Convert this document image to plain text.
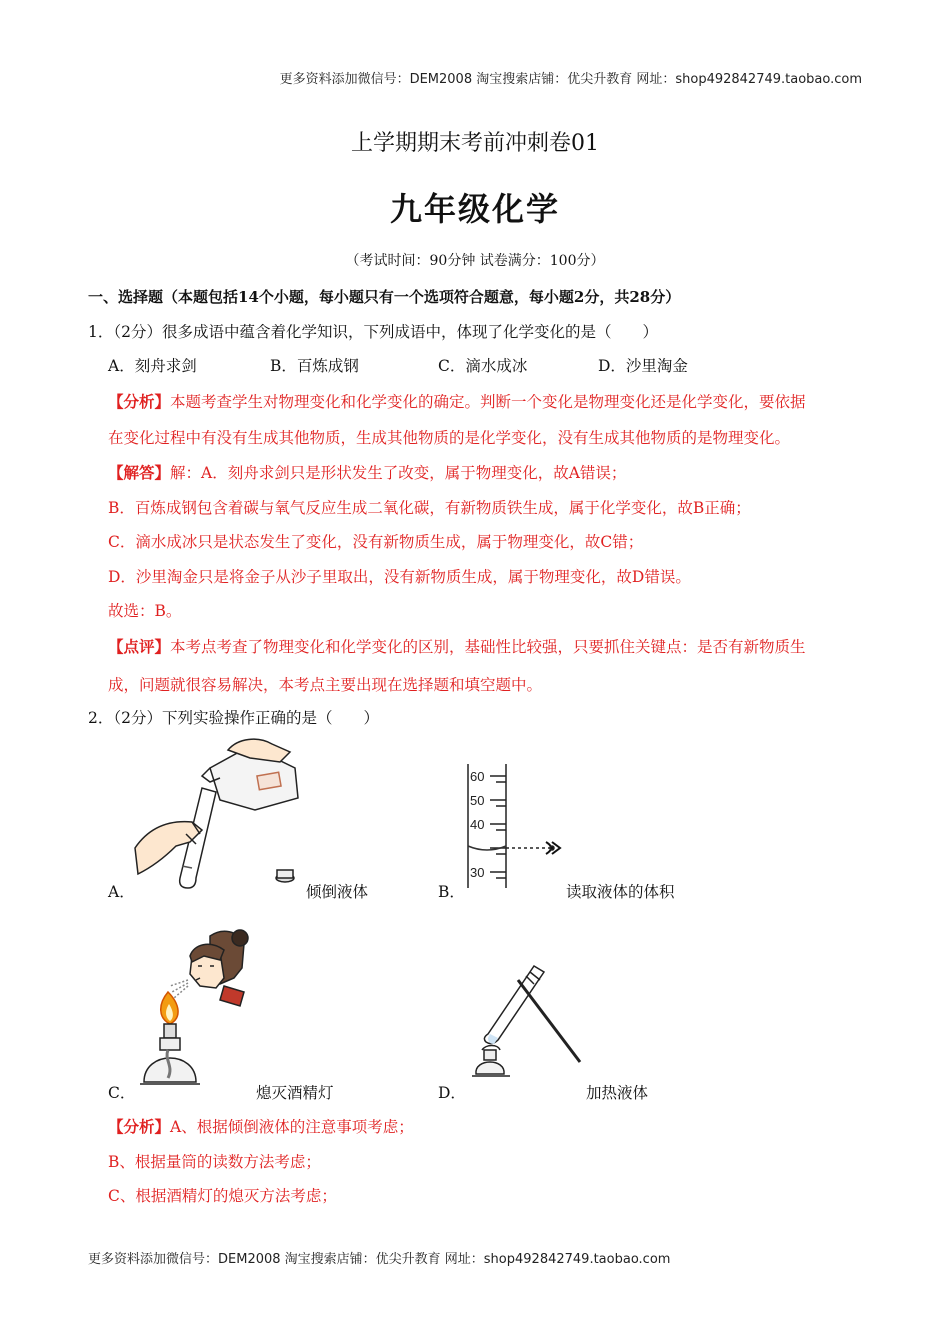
更多资料添加微信号：DEM2008 淘宝搜索店铺：优尖升教育 网址：shop492842749.taobao.com
上学期期末考前冲刺卷01
九年级化学
（考试时间：90分钟 试卷满分：100分）
一、选择题（本题包括14个小题，每小题只有一个选项符合题意，每小题2分，共28分）
1．（2分）很多成语中蕴含着化学知识，下列成语中，体现了化学变化的是（　　）
A．刻舟求剑	B．百炼成钢	C．滴水成冰	D．沙里淘金
【分析】本题考查学生对物理变化和化学变化的确定。判断一个变化是物理变化还是化学变化，要依据
在变化过程中有没有生成其他物质，生成其他物质的是化学变化，没有生成其他物质的是物理变化。
【解答】解：A．刻舟求剑只是形状发生了改变，属于物理变化，故A错误；
B．百炼成钢包含着碳与氧气反应生成二氧化碳，有新物质铁生成，属于化学变化，故B正确；
C．滴水成冰只是状态发生了变化，没有新物质生成，属于物理变化，故C错；
D．沙里淘金只是将金子从沙子里取出，没有新物质生成，属于物理变化，故D错误。
故选：B。
【点评】本考点考查了物理变化和化学变化的区别，基础性比较强，只要抓住关键点：是否有新物质生
成，问题就很容易解决，本考点主要出现在选择题和填空题中。
2．（2分）下列实验操作正确的是（　　）
A．	倾倒液体
60
50
40
30
B．	读取液体的体积
C．	熄灭酒精灯	D．	加热液体
【分析】A、根据倾倒液体的注意事项考虑；
B、根据量筒的读数方法考虑；
C、根据酒精灯的熄灭方法考虑；
更多资料添加微信号：DEM2008 淘宝搜索店铺：优尖升教育 网址：shop492842749.taobao.com
